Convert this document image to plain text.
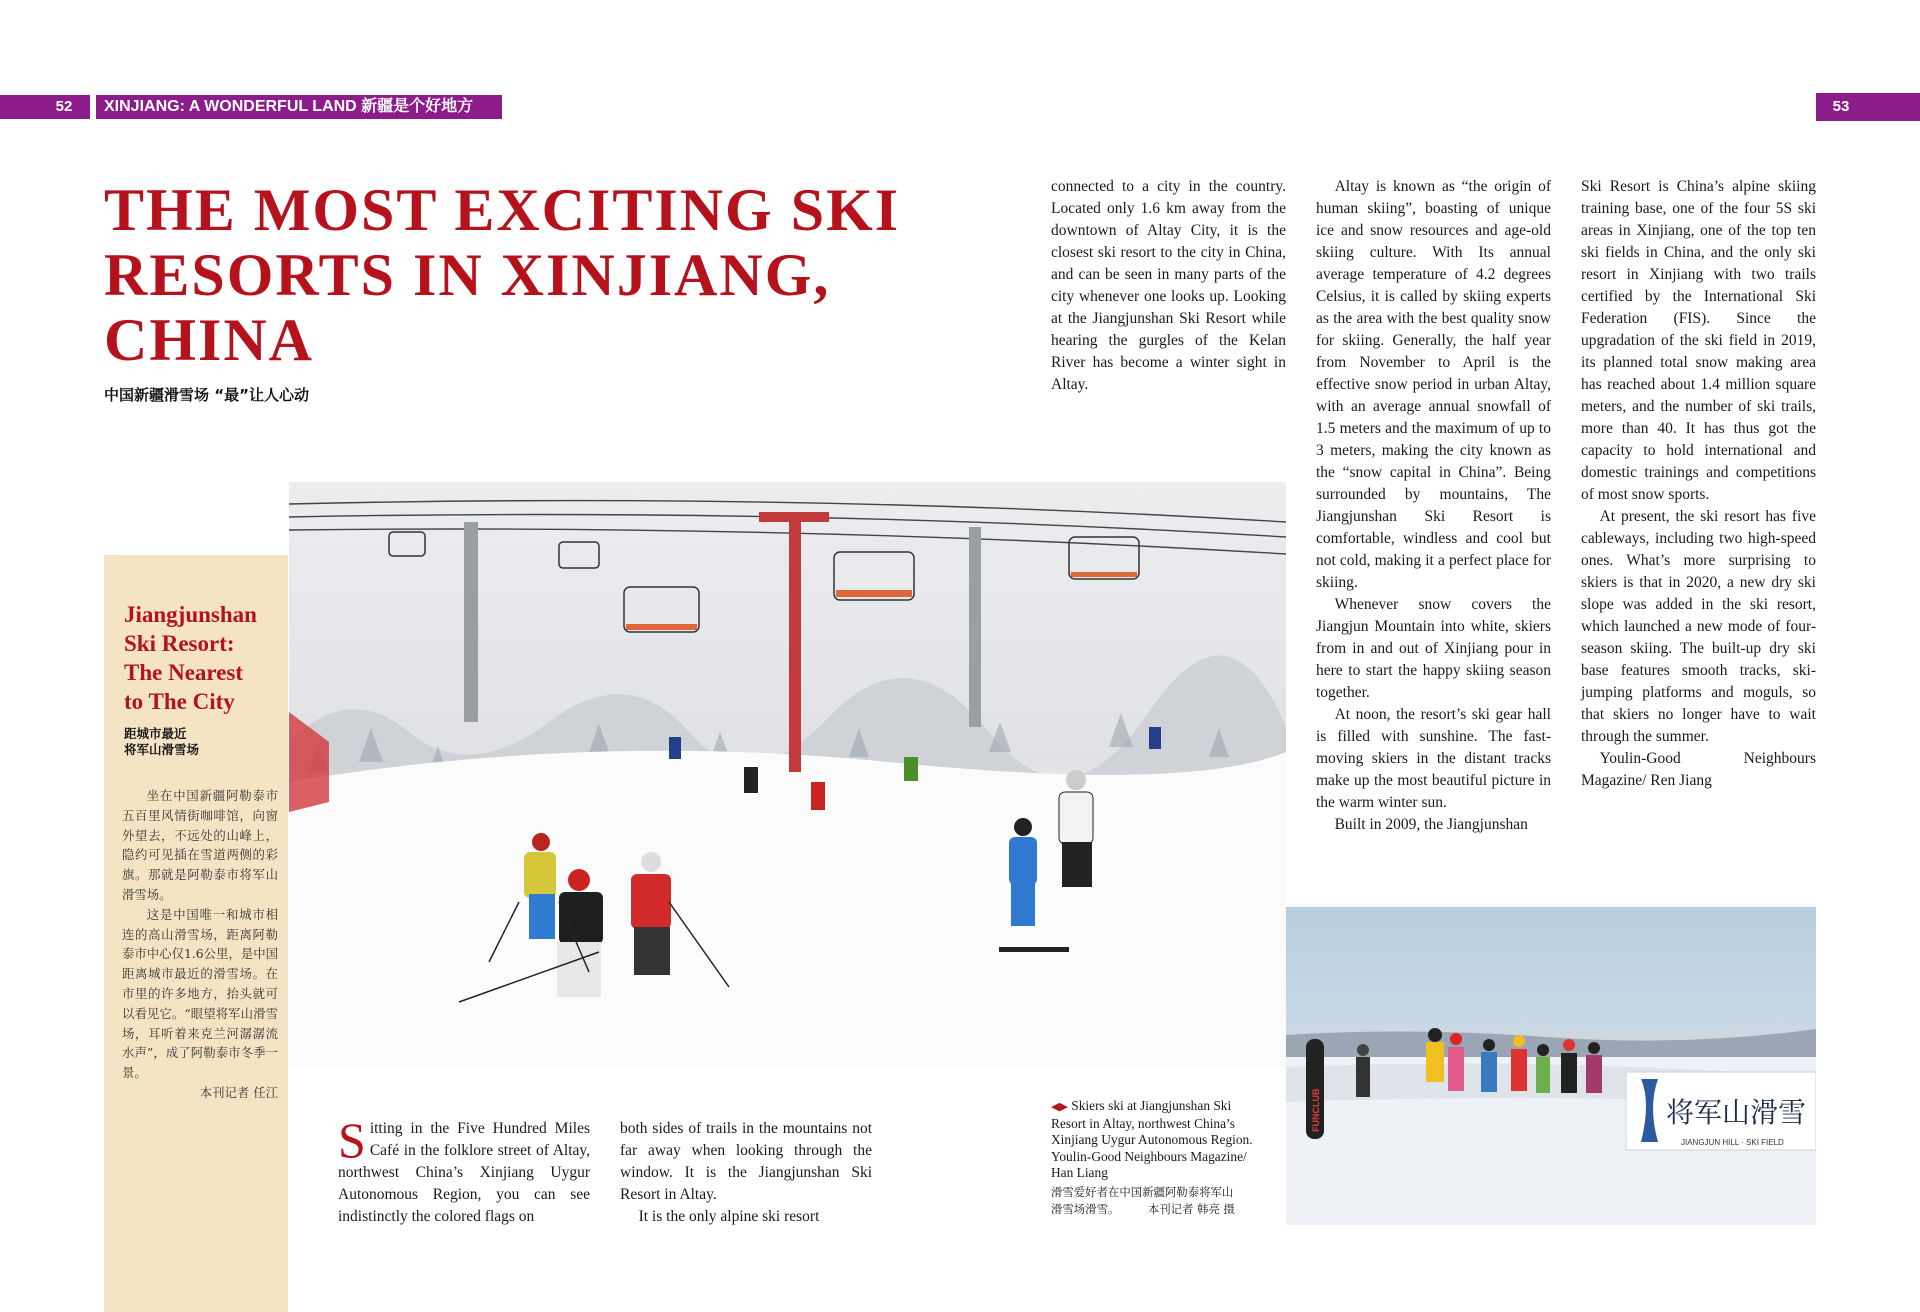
52	XINJIANG: A WONDERFUL LAND 新疆是个好地方	53
THE MOST EXCITING SKI
RESORTS IN XINJIANG,
CHINA
中国新疆滑雪场 “最”让人心动
Jiangjunshan
Ski Resort:
The Nearest
to The City
距城市最近
将军山滑雪场

坐在中国新疆阿勒泰市五百里风情街咖啡馆，向窗外望去，不远处的山峰上，隐约可见插在雪道两侧的彩旗。那就是阿勒泰市将军山滑雪场。

这是中国唯一和城市相连的高山滑雪场，距离阿勒泰市中心仅1.6公里，是中国距离城市最近的滑雪场。在市里的许多地方，抬头就可以看见它。“眼望将军山滑雪场，耳听着来克兰河潺潺流水声”，成了阿勒泰市冬季一景。

本刊记者 任江

将军山滑雪
JIANGJUN HILL · SKI FIELD
FUNCLUB

Sitting in the Five Hundred Miles Café in the folklore street of Altay, northwest China’s Xinjiang Uygur Autonomous Region, you can see indistinctly the colored flags on

both sides of trails in the mountains not far away when looking through the window. It is the Jiangjunshan Ski Resort in Altay.

It is the only alpine ski resort

connected to a city in the country. Located only 1.6 km away from the downtown of Altay City, it is the closest ski resort to the city in China, and can be seen in many parts of the city whenever one looks up. Looking at the Jiangjunshan Ski Resort while hearing the gurgles of the Kelan River has become a winter sight in Altay.

Altay is known as “the origin of human skiing”, boasting of unique ice and snow resources and age-old skiing culture. With Its annual average temperature of 4.2 degrees Celsius, it is called by skiing experts as the area with the best quality snow for skiing. Generally, the half year from November to April is the effective snow period in urban Altay, with an average annual snowfall of 1.5 meters and the maximum of up to 3 meters, making the city known as the “snow capital in China”. Being surrounded by mountains, The Jiangjunshan Ski Resort is comfortable, windless and cool but not cold, making it a perfect place for skiing.

Whenever snow covers the Jiangjun Mountain into white, skiers from in and out of Xinjiang pour in here to start the happy skiing season together.

At noon, the resort’s ski gear hall is filled with sunshine. The fast-moving skiers in the distant tracks make up the most beautiful picture in the warm winter sun.

Built in 2009, the Jiangjunshan

Ski Resort is China’s alpine skiing training base, one of the four 5S ski areas in Xinjiang, one of the top ten ski fields in China, and the only ski resort in Xinjiang with two trails certified by the International Ski Federation (FIS). Since the upgradation of the ski field in 2019, its planned total snow making area has reached about 1.4 million square meters, and the number of ski trails, more than 40. It has thus got the capacity to hold international and domestic trainings and competitions of most snow sports.

At present, the ski resort has five cableways, including two high-speed ones. What’s more surprising to skiers is that in 2020, a new dry ski slope was added in the ski resort, which launched a new mode of four-season skiing. The built-up dry ski base features smooth tracks, ski-jumping platforms and moguls, so that skiers no longer have to wait through the summer.

Youlin-Good Neighbours Magazine/ Ren Jiang

◀▶ Skiers ski at Jiangjunshan Ski Resort in Altay, northwest China’s Xinjiang Uygur Autonomous Region. Youlin-Good Neighbours Magazine/ Han Liang
滑雪爱好者在中国新疆阿勒泰将军山
滑雪场滑雪。　　　本刊记者 韩亮 摄
